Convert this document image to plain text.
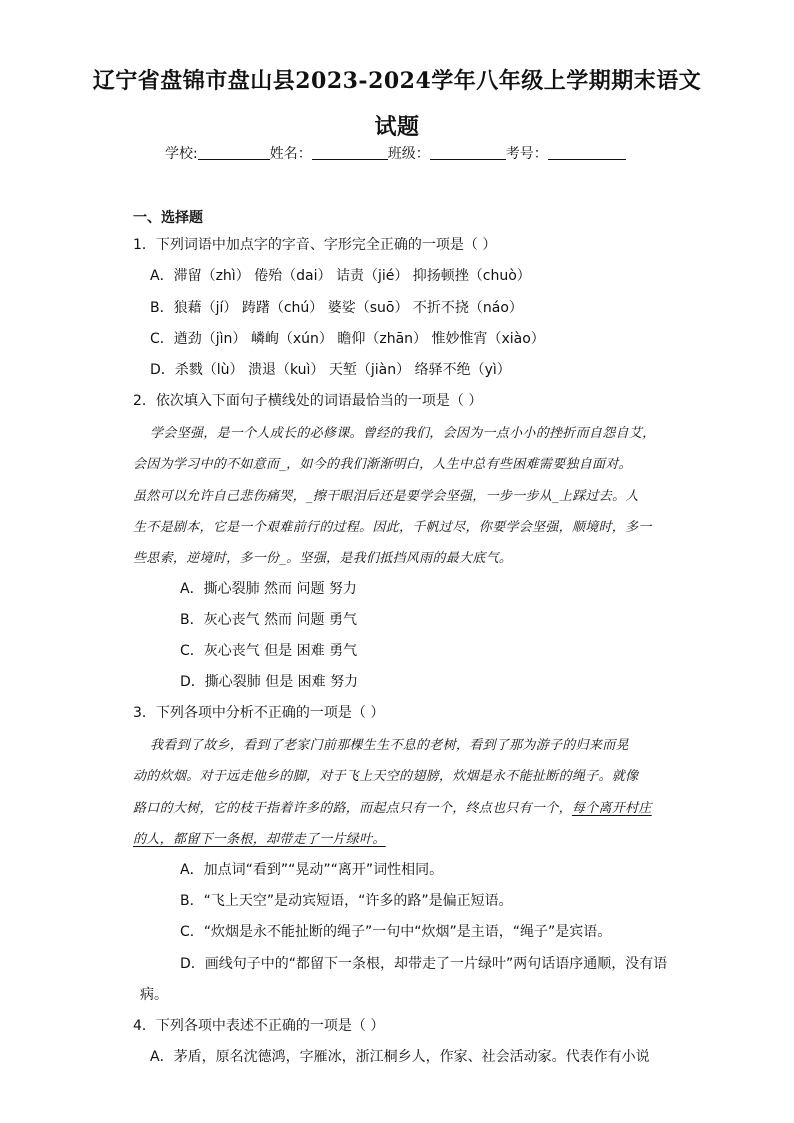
辽宁省盘锦市盘山县2023-2024学年八年级上学期期末语文
试题
学校:	姓名：	班级：	考号：
一、选择题
1．下列词语中加点字的字音、字形完全正确的一项是（ ）
A．滞留（zhì） 倦殆（dai） 诘责（jié） 抑扬顿挫（chuò）
B．狼藉（jí） 踌躇（chú） 婆娑（suō） 不折不挠（náo）
C．遒劲（jìn） 嶙峋（xún） 瞻仰（zhān） 惟妙惟宵（xiào）
D．杀戮（lù） 溃退（kuì） 天堑（jiàn） 络驿不绝（yì）
2．依次填入下面句子横线处的词语最恰当的一项是（ ）
学会坚强，是一个人成长的必修课。曾经的我们，会因为一点小小的挫折而自怨自艾，
会因为学习中的不如意而_，如今的我们渐渐明白，人生中总有些困难需要独自面对。
虽然可以允许自己悲伤痛哭，_擦干眼泪后还是要学会坚强，一步一步从_上踩过去。人
生不是剧本，它是一个艰难前行的过程。因此，千帆过尽，你要学会坚强，顺境时，多一
些思索，逆境时，多一份_。坚强，是我们抵挡风雨的最大底气。
A．撕心裂肺 然而 问题 努力
B．灰心丧气 然而 问题 勇气
C．灰心丧气 但是 困难 勇气
D．撕心裂肺 但是 困难 努力
3．下列各项中分析不正确的一项是（ ）
我看到了故乡，看到了老家门前那棵生生不息的老树，看到了那为游子的归来而晃
动的炊烟。对于远走他乡的脚，对于飞上天空的翅膀，炊烟是永不能扯断的绳子。就像
路口的大树，它的枝干指着许多的路，而起点只有一个，终点也只有一个，每个离开村庄
的人，都留下一条根，却带走了一片绿叶。
A．加点词“看到”“晃动”“离开”词性相同。
B．“飞上天空”是动宾短语，“许多的路”是偏正短语。
C．“炊烟是永不能扯断的绳子”一句中“炊烟”是主语，“绳子”是宾语。
D．画线句子中的“都留下一条根，却带走了一片绿叶”两句话语序通顺，没有语
病。
4．下列各项中表述不正确的一项是（ ）
A．茅盾，原名沈德鸿，字雁冰，浙江桐乡人，作家、社会活动家。代表作有小说
